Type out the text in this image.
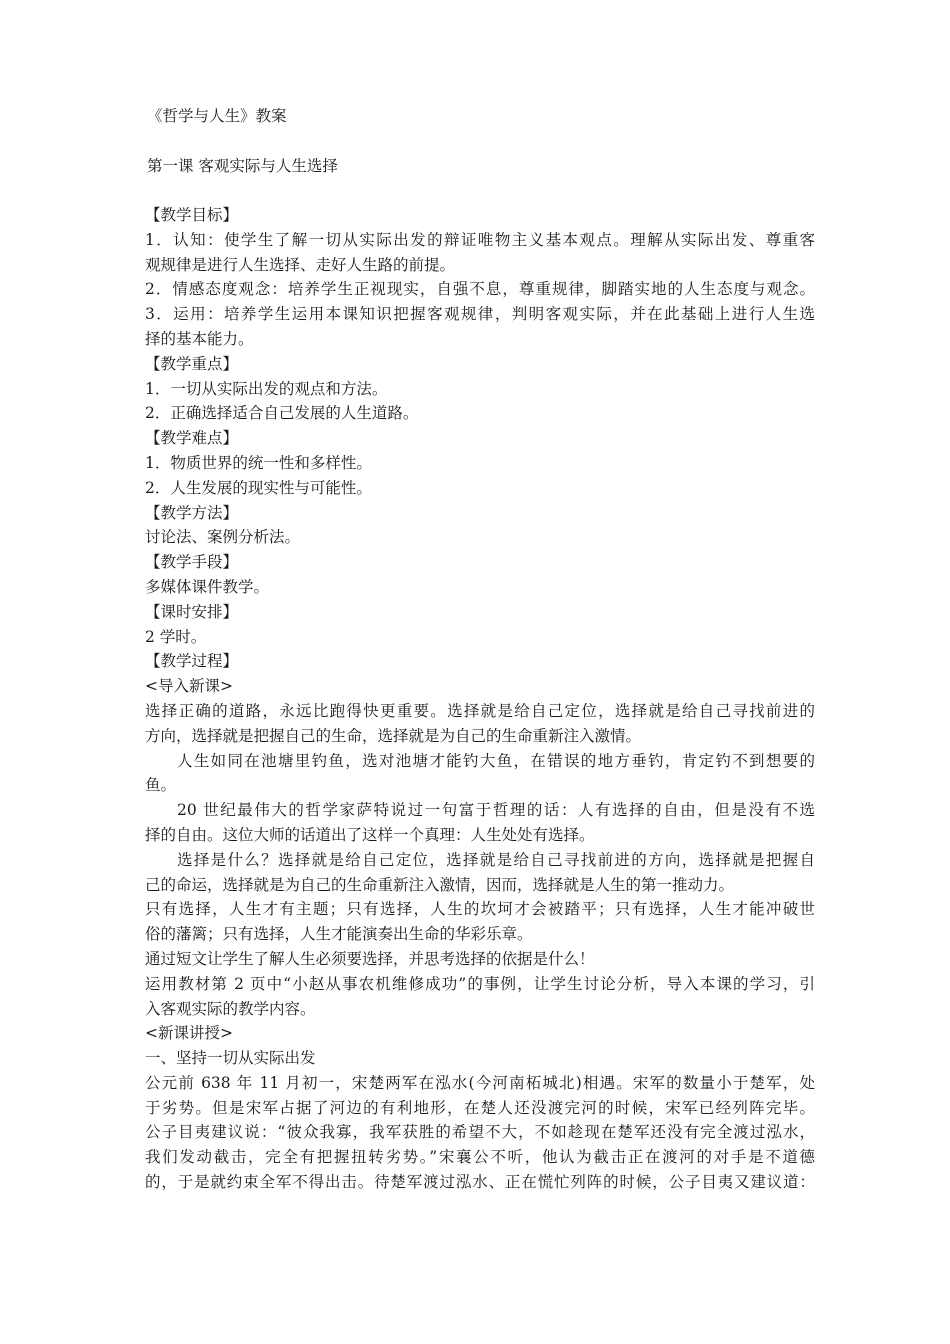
《哲学与人生》教案
第一课 客观实际与人生选择
【教学目标】
1．认知：使学生了解一切从实际出发的辩证唯物主义基本观点。理解从实际出发、尊重客
观规律是进行人生选择、走好人生路的前提。
2．情感态度观念：培养学生正视现实，自强不息，尊重规律，脚踏实地的人生态度与观念。
3．运用：培养学生运用本课知识把握客观规律，判明客观实际，并在此基础上进行人生选
择的基本能力。
【教学重点】
1．一切从实际出发的观点和方法。
2．正确选择适合自己发展的人生道路。
【教学难点】
1．物质世界的统一性和多样性。
2．人生发展的现实性与可能性。
【教学方法】
讨论法、案例分析法。
【教学手段】
多媒体课件教学。
【课时安排】
2 学时。
【教学过程】
<导入新课>
选择正确的道路，永远比跑得快更重要。选择就是给自己定位，选择就是给自己寻找前进的
方向，选择就是把握自己的生命，选择就是为自己的生命重新注入激情。
人生如同在池塘里钓鱼，选对池塘才能钓大鱼，在错误的地方垂钓，肯定钓不到想要的
鱼。
20 世纪最伟大的哲学家萨特说过一句富于哲理的话：人有选择的自由，但是没有不选
择的自由。这位大师的话道出了这样一个真理：人生处处有选择。
选择是什么？选择就是给自己定位，选择就是给自己寻找前进的方向，选择就是把握自
己的命运，选择就是为自己的生命重新注入激情，因而，选择就是人生的第一推动力。
只有选择，人生才有主题；只有选择，人生的坎坷才会被踏平；只有选择，人生才能冲破世
俗的藩篱；只有选择，人生才能演奏出生命的华彩乐章。
通过短文让学生了解人生必须要选择，并思考选择的依据是什么！
运用教材第 2 页中“小赵从事农机维修成功”的事例，让学生讨论分析，导入本课的学习，引
入客观实际的教学内容。
<新课讲授>
一、坚持一切从实际出发
公元前 638 年 11 月初一，宋楚两军在泓水(今河南柘城北)相遇。宋军的数量小于楚军，处
于劣势。但是宋军占据了河边的有利地形，在楚人还没渡完河的时候，宋军已经列阵完毕。
公子目夷建议说：“彼众我寡，我军获胜的希望不大，不如趁现在楚军还没有完全渡过泓水，
我们发动截击，完全有把握扭转劣势。”宋襄公不听，他认为截击正在渡河的对手是不道德
的，于是就约束全军不得出击。待楚军渡过泓水、正在慌忙列阵的时候，公子目夷又建议道：
